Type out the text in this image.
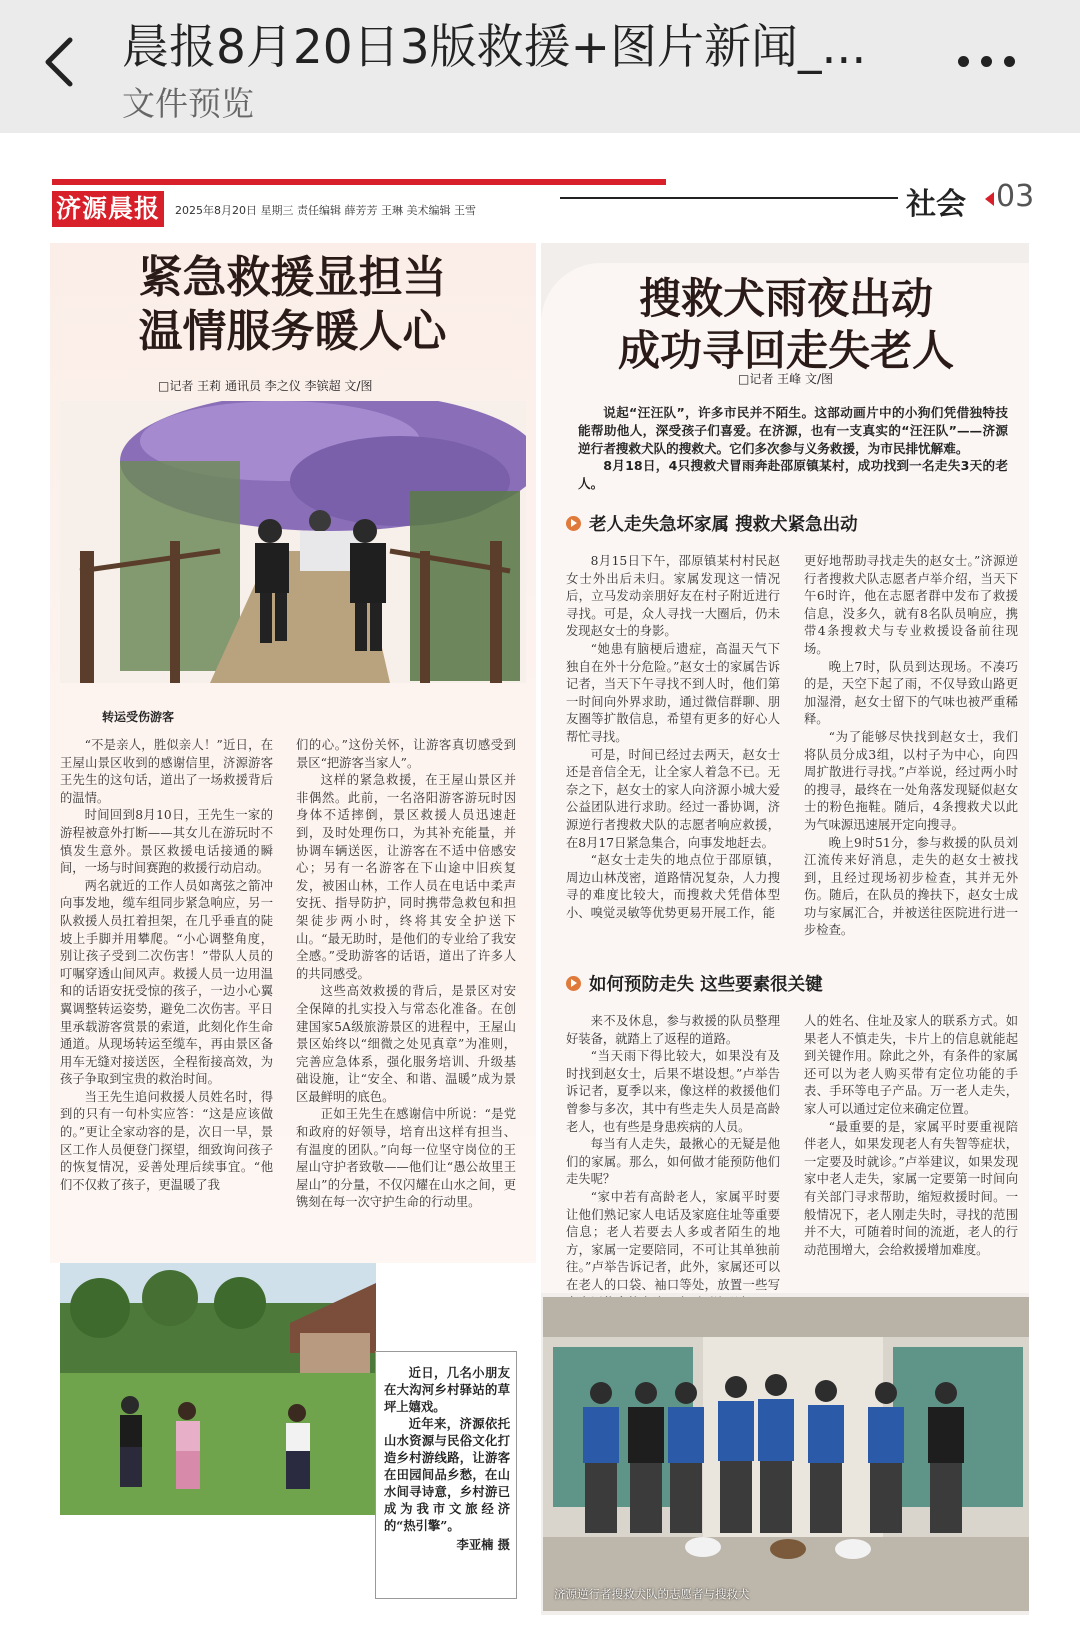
晨报8月20日3版救援+图片新闻_...
文件预览
济源晨报	2025年8月20日 星期三 责任编辑 薛芳芳 王琳 美术编辑 王雪	社会 03
紧急救援显担当
温情服务暖人心
□记者 王莉 通讯员 李之仪 李镔超 文/图
转运受伤游客

“不是亲人，胜似亲人！”近日，在王屋山景区收到的感谢信里，济源游客王先生的这句话，道出了一场救援背后的温情。

时间回到8月10日，王先生一家的游程被意外打断——其女儿在游玩时不慎发生意外。景区救援电话接通的瞬间，一场与时间赛跑的救援行动启动。

两名就近的工作人员如离弦之箭冲向事发地，缆车组同步紧急响应，另一队救援人员扛着担架，在几乎垂直的陡坡上手脚并用攀爬。“小心调整角度，别让孩子受到二次伤害！”带队人员的叮嘱穿透山间风声。救援人员一边用温和的话语安抚受惊的孩子，一边小心翼翼调整转运姿势，避免二次伤害。平日里承载游客赏景的索道，此刻化作生命通道。从现场转运至缆车，再由景区备用车无缝对接送医，全程衔接高效，为孩子争取到宝贵的救治时间。

当王先生追问救援人员姓名时，得到的只有一句朴实应答：“这是应该做的。”更让全家动容的是，次日一早，景区工作人员便登门探望，细致询问孩子的恢复情况，妥善处理后续事宜。“他们不仅救了孩子，更温暖了我

们的心。”这份关怀，让游客真切感受到景区“把游客当家人”。

这样的紧急救援，在王屋山景区并非偶然。此前，一名洛阳游客游玩时因身体不适摔倒，景区救援人员迅速赶到，及时处理伤口，为其补充能量，并协调车辆送医，让游客在不适中倍感安心；另有一名游客在下山途中旧疾复发，被困山林，工作人员在电话中柔声安抚、指导防护，同时携带急救包和担架徒步两小时，终将其安全护送下山。“最无助时，是他们的专业给了我安全感。”受助游客的话语，道出了许多人的共同感受。

这些高效救援的背后，是景区对安全保障的扎实投入与常态化准备。在创建国家5A级旅游景区的进程中，王屋山景区始终以“细微之处见真章”为准则，完善应急体系，强化服务培训、升级基础设施，让“安全、和谐、温暖”成为景区最鲜明的底色。

正如王先生在感谢信中所说：“是党和政府的好领导，培育出这样有担当、有温度的团队。”向每一位坚守岗位的王屋山守护者致敬——他们让“愚公故里王屋山”的分量，不仅闪耀在山水之间，更镌刻在每一次守护生命的行动里。

近日，几名小朋友在大沟河乡村驿站的草坪上嬉戏。

近年来，济源依托山水资源与民俗文化打造乡村游线路，让游客在田园间品乡愁，在山水间寻诗意，乡村游已成为我市文旅经济的“热引擎”。

李亚楠 摄

搜救犬雨夜出动
成功寻回走失老人
□记者 王峰 文/图

说起“汪汪队”，许多市民并不陌生。这部动画片中的小狗们凭借独特技能帮助他人，深受孩子们喜爱。在济源，也有一支真实的“汪汪队”——济源逆行者搜救犬队的搜救犬。它们多次参与义务救援，为市民排忧解难。

8月18日，4只搜救犬冒雨奔赴邵原镇某村，成功找到一名走失3天的老人。

老人走失急坏家属 搜救犬紧急出动

8月15日下午，邵原镇某村村民赵女士外出后未归。家属发现这一情况后，立马发动亲朋好友在村子附近进行寻找。可是，众人寻找一大圈后，仍未发现赵女士的身影。

“她患有脑梗后遗症，高温天气下独自在外十分危险。”赵女士的家属告诉记者，当天下午寻找不到人时，他们第一时间向外界求助，通过微信群聊、朋友圈等扩散信息，希望有更多的好心人帮忙寻找。

可是，时间已经过去两天，赵女士还是音信全无，让全家人着急不已。无奈之下，赵女士的家人向济源小城大爱公益团队进行求助。经过一番协调，济源逆行者搜救犬队的志愿者响应救援，在8月17日紧急集合，向事发地赶去。

“赵女士走失的地点位于邵原镇，周边山林茂密，道路情况复杂，人力搜寻的难度比较大，而搜救犬凭借体型小、嗅觉灵敏等优势更易开展工作，能

更好地帮助寻找走失的赵女士。”济源逆行者搜救犬队志愿者卢举介绍，当天下午6时许，他在志愿者群中发布了救援信息，没多久，就有8名队员响应，携带4条搜救犬与专业救援设备前往现场。

晚上7时，队员到达现场。不凑巧的是，天空下起了雨，不仅导致山路更加湿滑，赵女士留下的气味也被严重稀释。

“为了能够尽快找到赵女士，我们将队员分成3组，以村子为中心，向四周扩散进行寻找。”卢举说，经过两小时的搜寻，最终在一处角落发现疑似赵女士的粉色拖鞋。随后，4条搜救犬以此为气味源迅速展开定向搜寻。

晚上9时51分，参与救援的队员刘江流传来好消息，走失的赵女士被找到，且经过现场初步检查，其并无外伤。随后，在队员的搀扶下，赵女士成功与家属汇合，并被送往医院进行进一步检查。

如何预防走失 这些要素很关键

来不及休息，参与救援的队员整理好装备，就踏上了返程的道路。

“当天雨下得比较大，如果没有及时找到赵女士，后果不堪设想。”卢举告诉记者，夏季以来，像这样的救援他们曾参与多次，其中有些走失人员是高龄老人，也有些是身患疾病的人员。

每当有人走失，最揪心的无疑是他们的家属。那么，如何做才能预防他们走失呢？

“家中若有高龄老人，家属平时要让他们熟记家人电话及家庭住址等重要信息；老人若要去人多或者陌生的地方，家属一定要陪同，不可让其单独前往。”卢举告诉记者，此外，家属还可以在老人的口袋、袖口等处，放置一些写

人的姓名、住址及家人的联系方式。如果老人不慎走失，卡片上的信息就能起到关键作用。除此之外，有条件的家属还可以为老人购买带有定位功能的手表、手环等电子产品。万一老人走失，家人可以通过定位来确定位置。

“最重要的是，家属平时要重视陪伴老人，如果发现老人有失智等症状，一定要及时就诊。”卢举建议，如果发现家中老人走失，家属一定要第一时间向有关部门寻求帮助，缩短救援时间。一般情况下，老人刚走失时，寻找的范围并不大，可随着时间的流逝，老人的行动范围增大，会给救援增加难度。

济源逆行者搜救犬队的志愿者与搜救犬
